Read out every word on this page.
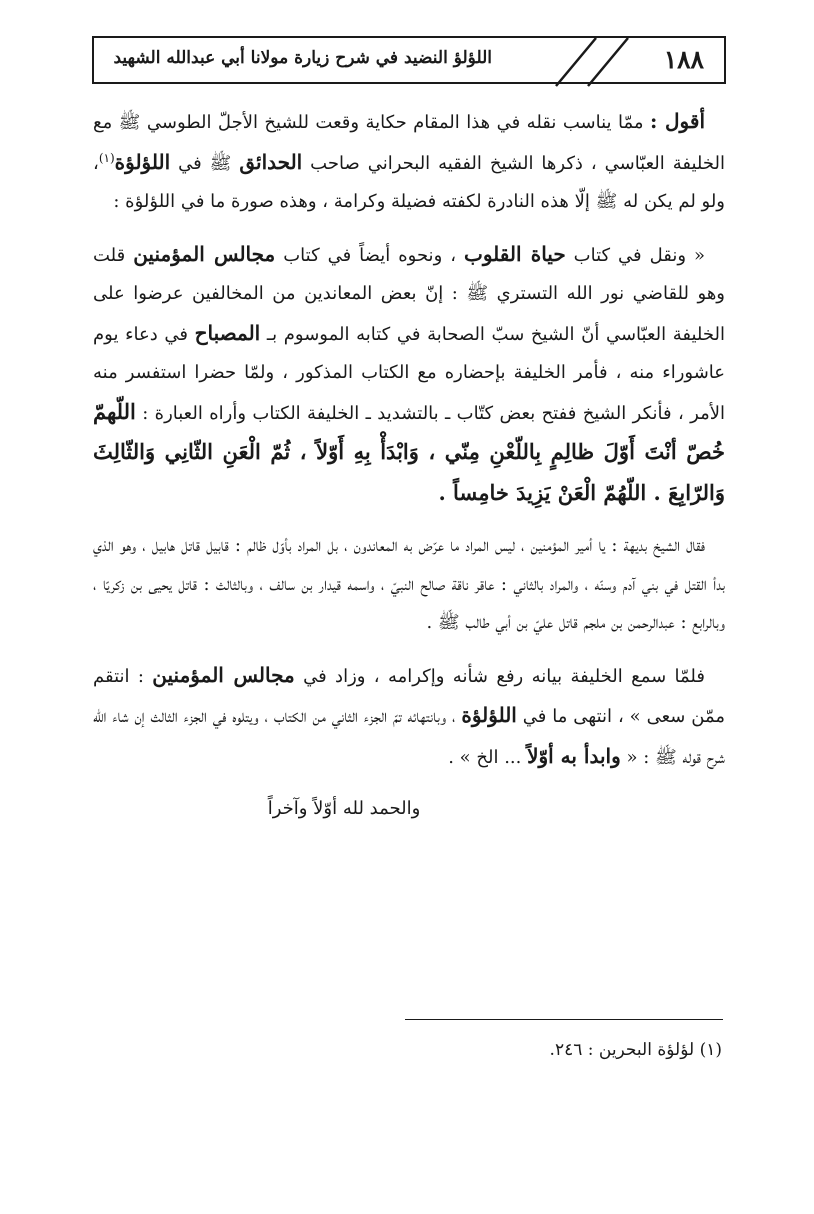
١٨٨
اللؤلؤ النضيد في شرح زيارة مولانا أبي عبدالله الشهيد

أقول : ممّا يناسب نقله في هذا المقام حكاية وقعت للشيخ الأجلّ الطوسي ﷺ مع الخليفة العبّاسي ، ذكرها الشيخ الفقيه البحراني صاحب الحدائق ﷺ في اللؤلؤة$^{(١)}$، ولو لم يكن له ﷺ إلّا هذه النادرة لكفته فضيلة وكرامة ، وهذه صورة ما في اللؤلؤة :

« ونقل في كتاب حياة القلوب ، ونحوه أيضاً في كتاب مجالس المؤمنين قلت وهو للقاضي نور الله التستري ﷺ : إنّ بعض المعاندين من المخالفين عرضوا على الخليفة العبّاسي أنّ الشيخ سبّ الصحابة في كتابه الموسوم بـ المصباح في دعاء يوم عاشوراء منه ، فأمر الخليفة بإحضاره مع الكتاب المذكور ، ولمّا حضرا استفسر منه الأمر ، فأنكر الشيخ ففتح بعض كتّاب ـ بالتشديد ـ الخليفة الكتاب وأراه العبارة : اللّهمّ خُصّ أنْتَ أَوّلَ ظالِمٍ بِاللّعْنِ مِنّي ، وَابْدَأْ بِهِ أَوّلاً ، ثُمّ الْعَنِ الثّانِي وَالثّالِثَ وَالرّابِعَ . اللّهُمّ الْعَنْ يَزِيدَ خامِساً .

فقال الشيخ بديهة : يا أمير المؤمنين ، ليس المراد ما عرّض به المعاندون ، بل المراد بأوّل ظالم : قابيل قاتل هابيل ، وهو الذي بدأ القتل في بني آدم وسنّه ، والمراد بالثاني : عاقر ناقة صالح النبيّ ، واسمه قيدار بن سالف ، وبالثالث : قاتل يحيى بن زكريّا ، وبالرابع : عبدالرحمن بن ملجم قاتل عليّ بن أبي طالب ﷺ .

فلمّا سمع الخليفة بيانه رفع شأنه وإكرامه ، وزاد في مجالس المؤمنين : انتقم ممّن سعى » ، انتهى ما في اللؤلؤة ، وبانتهائه تمّ الجزء الثاني من الكتاب ، ويتلوه في الجزء الثالث إن شاء الله شرح قوله ﷺ : « وابدأ به أوّلاً ... الخ » .

والحمد لله أوّلاً وآخراً

(١) لؤلؤة البحرين : ٢٤٦.
